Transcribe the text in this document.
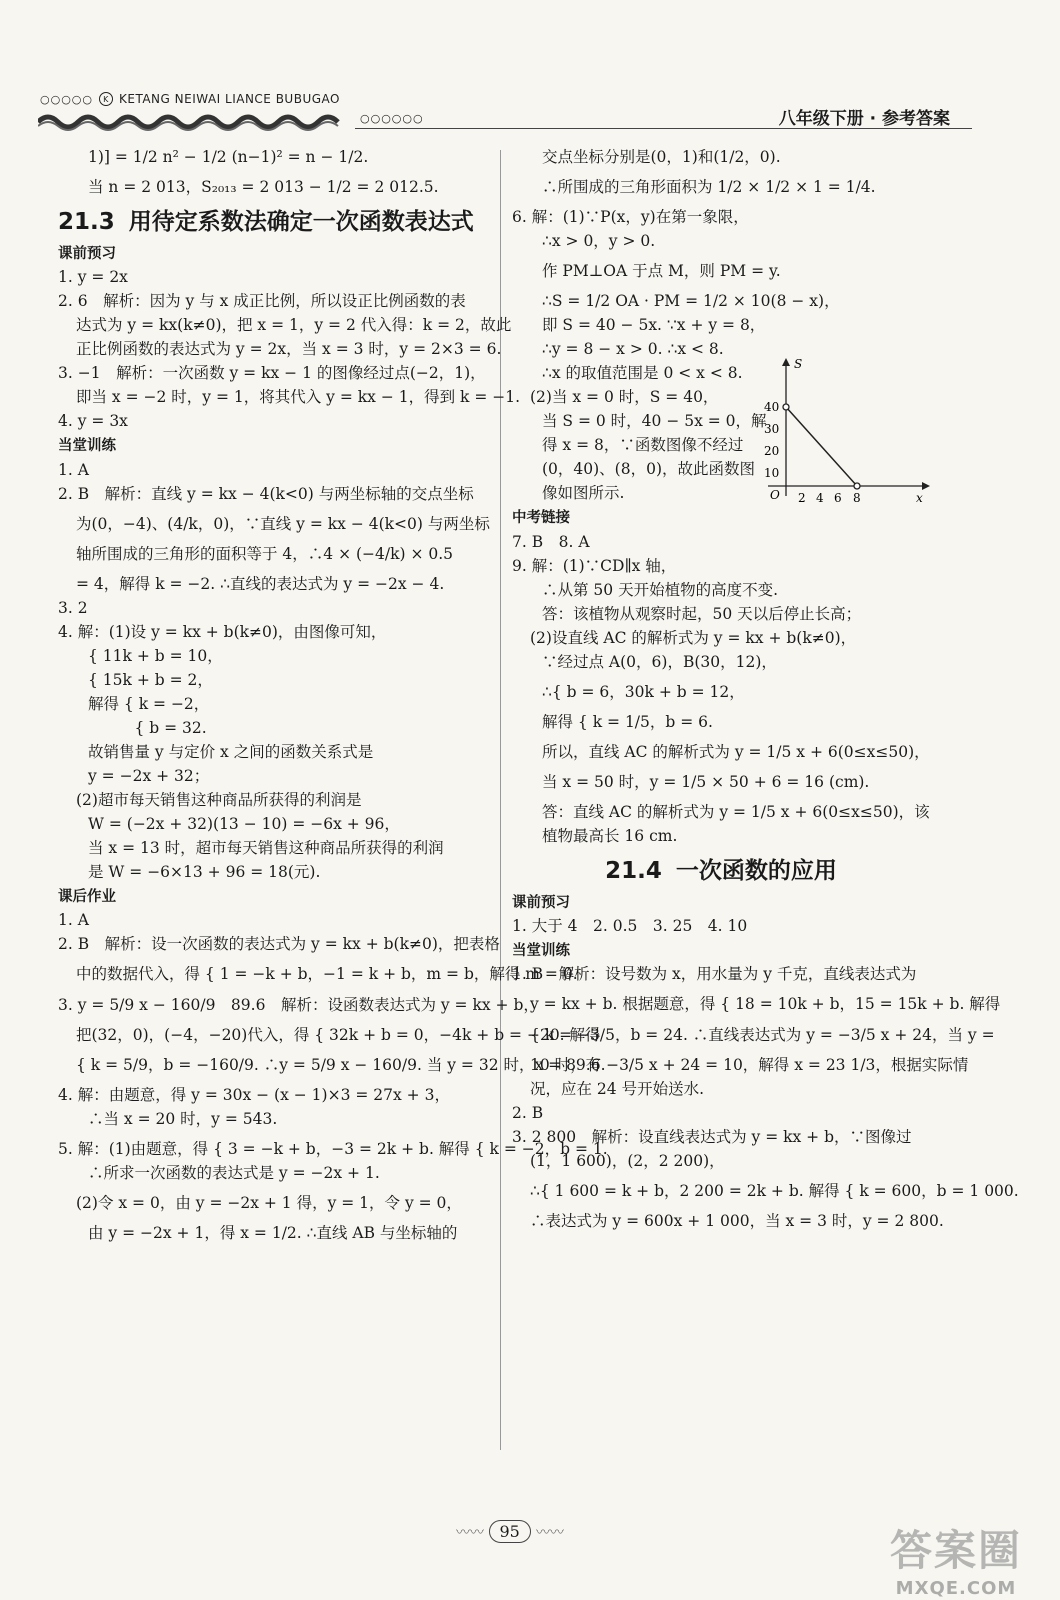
○○○○○	K KETANG NEIWAI LIANCE BUBUGAO
○○○○○○	八年级下册 · 参考答案
1)] = 1/2 n² − 1/2 (n−1)² = n − 1/2.
当 n = 2 013，S₂₀₁₃ = 2 013 − 1/2 = 2 012.5.
21.3 用待定系数法确定一次函数表达式
课前预习
1. y = 2x
2. 6　解析：因为 y 与 x 成正比例，所以设正比例函数的表
达式为 y = kx(k≠0)，把 x = 1，y = 2 代入得：k = 2，故此
正比例函数的表达式为 y = 2x，当 x = 3 时，y = 2×3 = 6.
3. −1　解析：一次函数 y = kx − 1 的图像经过点(−2，1)，
即当 x = −2 时，y = 1，将其代入 y = kx − 1，得到 k = −1.
4. y = 3x
当堂训练
1. A
2. B　解析：直线 y = kx − 4(k<0) 与两坐标轴的交点坐标
为(0，−4)、(4/k，0)，∵直线 y = kx − 4(k<0) 与两坐标
轴所围成的三角形的面积等于 4，∴4 × (−4/k) × 0.5
= 4，解得 k = −2. ∴直线的表达式为 y = −2x − 4.
3. 2
4. 解：(1)设 y = kx + b(k≠0)，由图像可知，
{ 11k + b = 10，
{ 15k + b = 2，
解得 { k = −2，
　　　{ b = 32.
故销售量 y 与定价 x 之间的函数关系式是
y = −2x + 32；
(2)超市每天销售这种商品所获得的利润是
W = (−2x + 32)(13 − 10) = −6x + 96，
当 x = 13 时，超市每天销售这种商品所获得的利润
是 W = −6×13 + 96 = 18(元).
课后作业
1. A
2. B　解析：设一次函数的表达式为 y = kx + b(k≠0)，把表格
中的数据代入，得 { 1 = −k + b，−1 = k + b，m = b，解得 m = 0.
3. y = 5/9 x − 160/9　89.6　解析：设函数表达式为 y = kx + b，
把(32，0)，(−4，−20)代入，得 { 32k + b = 0，−4k + b = −20. 解得
{ k = 5/9，b = −160/9. ∴y = 5/9 x − 160/9. 当 y = 32 时，x = 89.6.
4. 解：由题意，得 y = 30x − (x − 1)×3 = 27x + 3，
∴当 x = 20 时，y = 543.
5. 解：(1)由题意，得 { 3 = −k + b，−3 = 2k + b. 解得 { k = −2，b = 1.
∴所求一次函数的表达式是 y = −2x + 1.
(2)令 x = 0，由 y = −2x + 1 得，y = 1，令 y = 0，
由 y = −2x + 1，得 x = 1/2. ∴直线 AB 与坐标轴的
交点坐标分别是(0，1)和(1/2，0).
∴所围成的三角形面积为 1/2 × 1/2 × 1 = 1/4.
6. 解：(1)∵P(x，y)在第一象限，
∴x > 0，y > 0.
作 PM⊥OA 于点 M，则 PM = y.
∴S = 1/2 OA · PM = 1/2 × 10(8 − x)，
即 S = 40 − 5x. ∵x + y = 8，
∴y = 8 − x > 0. ∴x < 8.
∴x 的取值范围是 0 < x < 8.
(2)当 x = 0 时，S = 40，
当 S = 0 时，40 − 5x = 0，解
得 x = 8，∵函数图像不经过
(0，40)、(8，0)，故此函数图
像如图所示.
中考链接
7. B　8. A
9. 解：(1)∵CD∥x 轴，
∴从第 50 天开始植物的高度不变.
答：该植物从观察时起，50 天以后停止长高；
(2)设直线 AC 的解析式为 y = kx + b(k≠0)，
∵经过点 A(0，6)，B(30，12)，
∴{ b = 6，30k + b = 12，
解得 { k = 1/5，b = 6.
所以，直线 AC 的解析式为 y = 1/5 x + 6(0≤x≤50)，
当 x = 50 时，y = 1/5 × 50 + 6 = 16 (cm).
答：直线 AC 的解析式为 y = 1/5 x + 6(0≤x≤50)，该
植物最高长 16 cm.
21.4 一次函数的应用
课前预习
1. 大于 4　2. 0.5　3. 25　4. 10
当堂训练
1. B　解析：设号数为 x，用水量为 y 千克，直线表达式为
y = kx + b. 根据题意，得 { 18 = 10k + b，15 = 15k + b. 解得
{ k = −3/5，b = 24. ∴直线表达式为 y = −3/5 x + 24，当 y =
10 时，有 −3/5 x + 24 = 10，解得 x = 23 1/3，根据实际情
况，应在 24 号开始送水.
2. B
3. 2 800　解析：设直线表达式为 y = kx + b，∵图像过
(1，1 600)，(2，2 200)，
∴{ 1 600 = k + b，2 200 = 2k + b. 解得 { k = 600，b = 1 000.
∴表达式为 y = 600x + 1 000，当 x = 3 时，y = 2 800.
S
x
O
40
30
20
10
2 4 6 8
〰〰 95 〰〰	答案圈
MXQE.COM
